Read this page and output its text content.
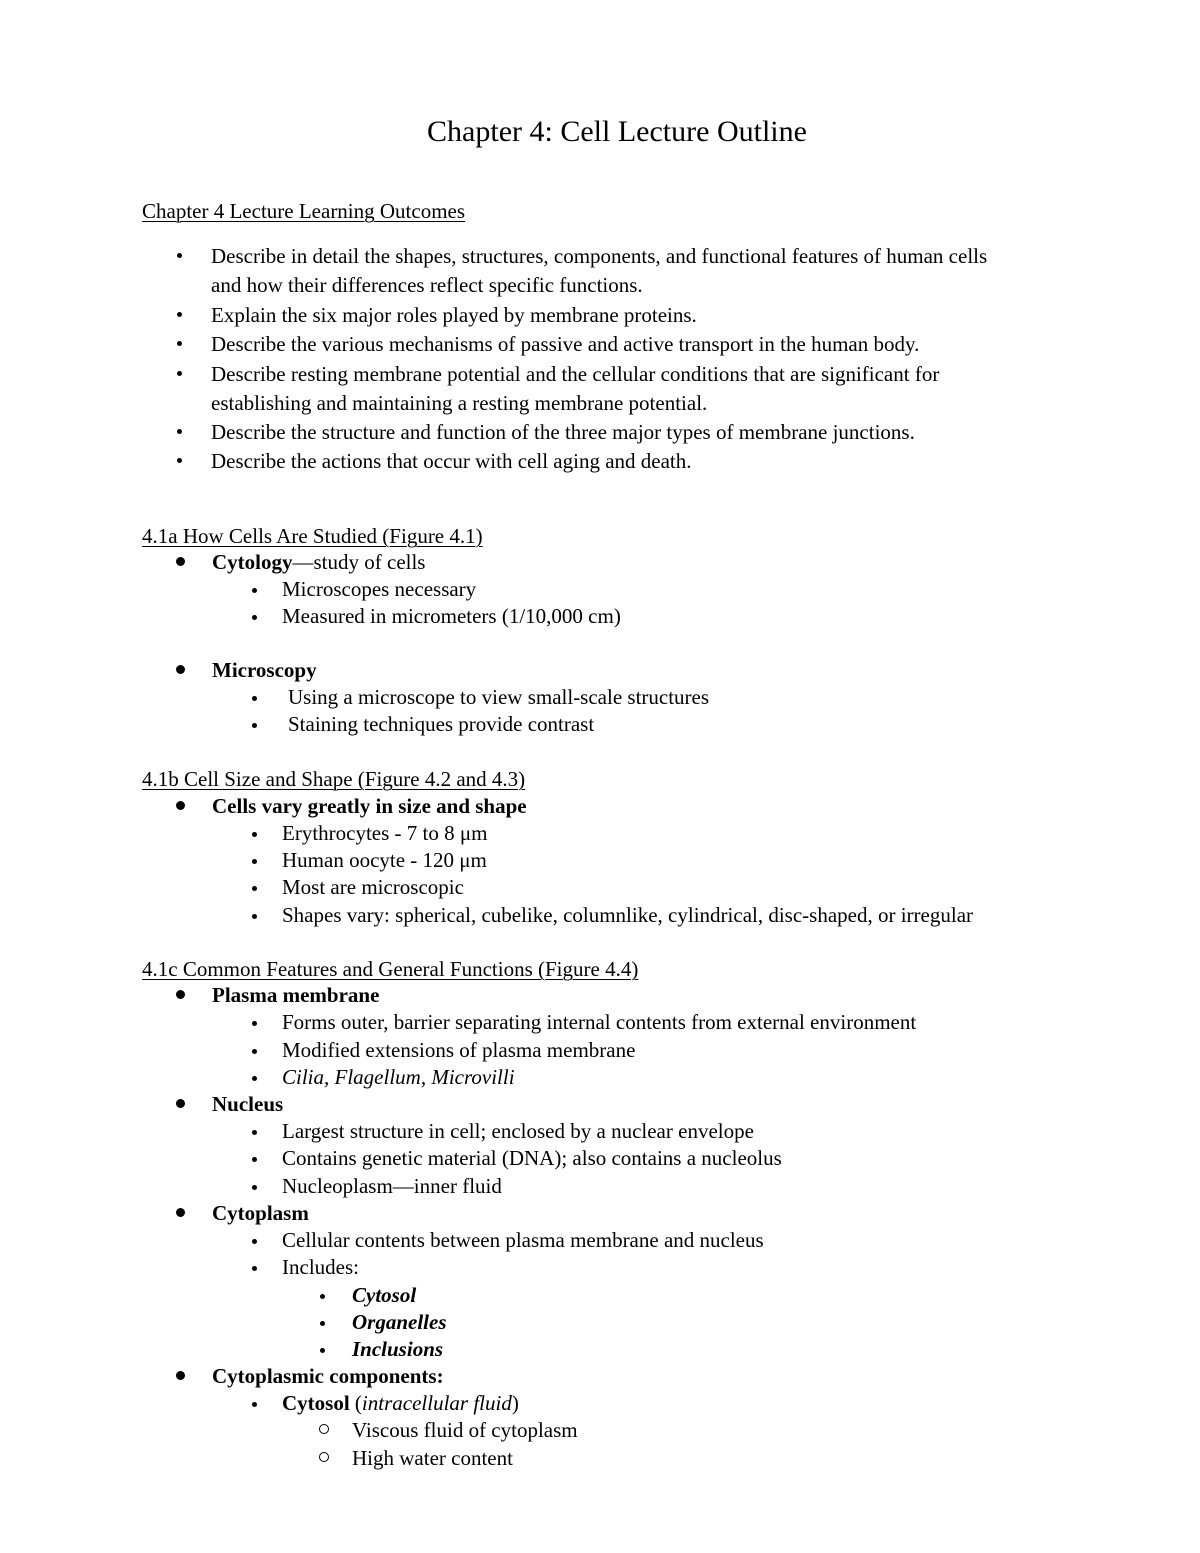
Chapter 4: Cell Lecture Outline
Chapter 4 Lecture Learning Outcomes
Describe in detail the shapes, structures, components, and functional features of human cells
and how their differences reflect specific functions.
Explain the six major roles played by membrane proteins.
Describe the various mechanisms of passive and active transport in the human body.
Describe resting membrane potential and the cellular conditions that are significant for
establishing and maintaining a resting membrane potential.
Describe the structure and function of the three major types of membrane junctions.
Describe the actions that occur with cell aging and death.
4.1a How Cells Are Studied (Figure 4.1)
Cytology—study of cells
Microscopes necessary
Measured in micrometers (1/10,000 cm)
Microscopy
Using a microscope to view small-scale structures
Staining techniques provide contrast
4.1b Cell Size and Shape (Figure 4.2 and 4.3)
Cells vary greatly in size and shape
Erythrocytes - 7 to 8 μm
Human oocyte - 120 μm
Most are microscopic
Shapes vary: spherical, cubelike, columnlike, cylindrical, disc-shaped, or irregular
4.1c Common Features and General Functions (Figure 4.4)
Plasma membrane
Forms outer, barrier separating internal contents from external environment
Modified extensions of plasma membrane
Cilia, Flagellum, Microvilli
Nucleus
Largest structure in cell; enclosed by a nuclear envelope
Contains genetic material (DNA); also contains a nucleolus
Nucleoplasm—inner fluid
Cytoplasm
Cellular contents between plasma membrane and nucleus
Includes:
Cytosol
Organelles
Inclusions
Cytoplasmic components:
Cytosol (intracellular fluid)
Viscous fluid of cytoplasm
High water content
